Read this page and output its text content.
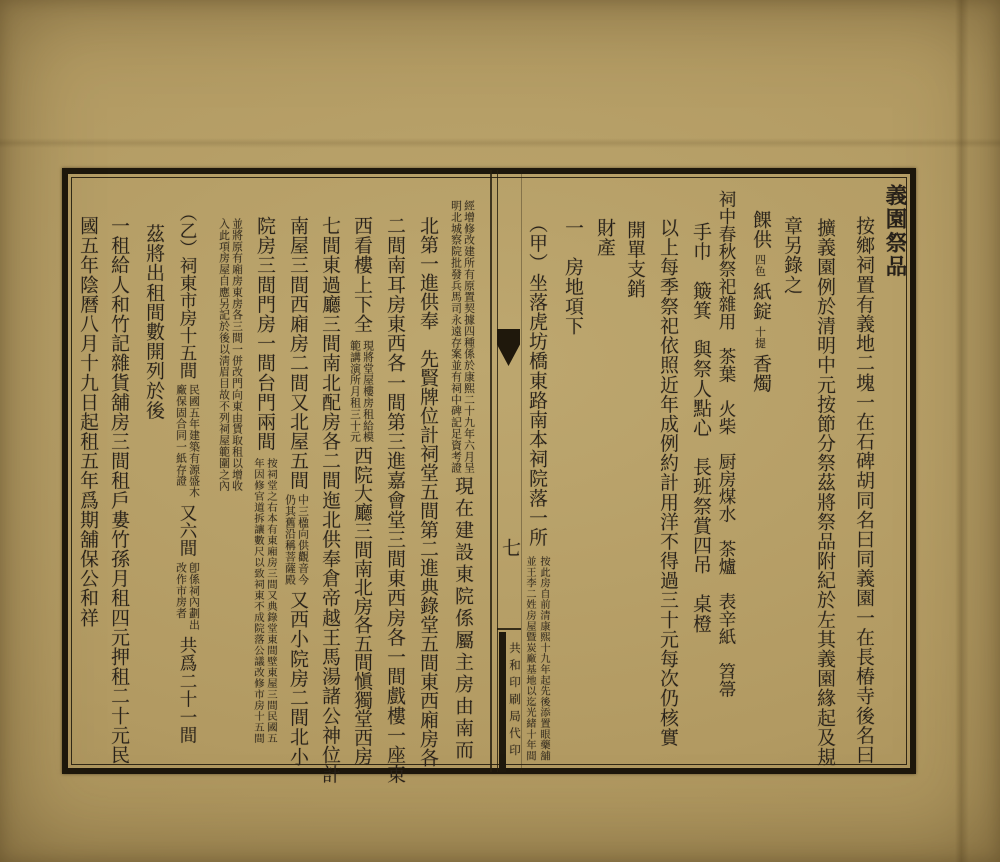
義園祭品
七
共和印刷局代印	按鄉祠置有義地二塊一在石碑胡同名曰同義園一在長椿寺後名曰
擴義園例於清明中元按節分祭茲將祭品附紀於左其義園緣起及規
章另錄之
餜供
四色
紙錠
十提
香燭
祠中春秋祭祀雜用　茶葉　火柴　厨房煤水　茶爐　表辛紙　笤箒
手巾　簸箕　與祭人點心　長班祭賞四吊　桌橙
以上每季祭祀依照近年成例約計用洋不得過三十元每次仍核實
開單支銷
財產
一　房地項下
（甲）坐落虎坊橋東路南本祠院落一所
按此房自前清康熙十九年起先後添置眼藥舖
並王李二姓房屋曁炭廠基地以迄光緒十年間
經增修改建所有原置契據四種係於康熙二十九年六月呈
明北城察院批發兵馬司永遠存案並有祠中碑記足資考證
現在建設東院係屬主房由南而
北第一進供奉　先賢牌位計祠堂五間第二進典錄堂五間東西廂房各
二間南耳房東西各一間第三進嘉會堂三間東西房各一間戲樓一座東
西看樓上下全
現將堂屋樓房租給模
範講演所月租三十元
西院大廳三間南北房各五間愼獨堂西房
七間東過廳三間南北配房各二間迤北供奉倉帝越王馬湯諸公神位計
南屋三間西廂房二間又北屋五間
中三楹向供觀音今
仍其舊沿稱菩薩殿
又西小院房二間北小
院房三間門房一間台門兩間
按祠堂之右本有東廂房三間又典錄堂東間壁東屋三間民國五
年因修官道拆讓數尺以致祠東不成院落公議改修市房十五間
並將原有廂房東房各三間一併改門向東由賃取租以增收
入此項房屋自應另記於後以淸眉目故不列祠屋範圍之內
（乙）祠東市房十五間
民國五年建築有源盛木
廠保固合同一紙存證
又六間
卽係祠內劃出
改作市房者
共爲二十一間
茲將出租間數開列於後
一租給人和竹記雜貨舖房三間租戶婁竹孫月租四元押租二十元民
國五年陰曆八月十九日起租五年爲期舖保公和祥
